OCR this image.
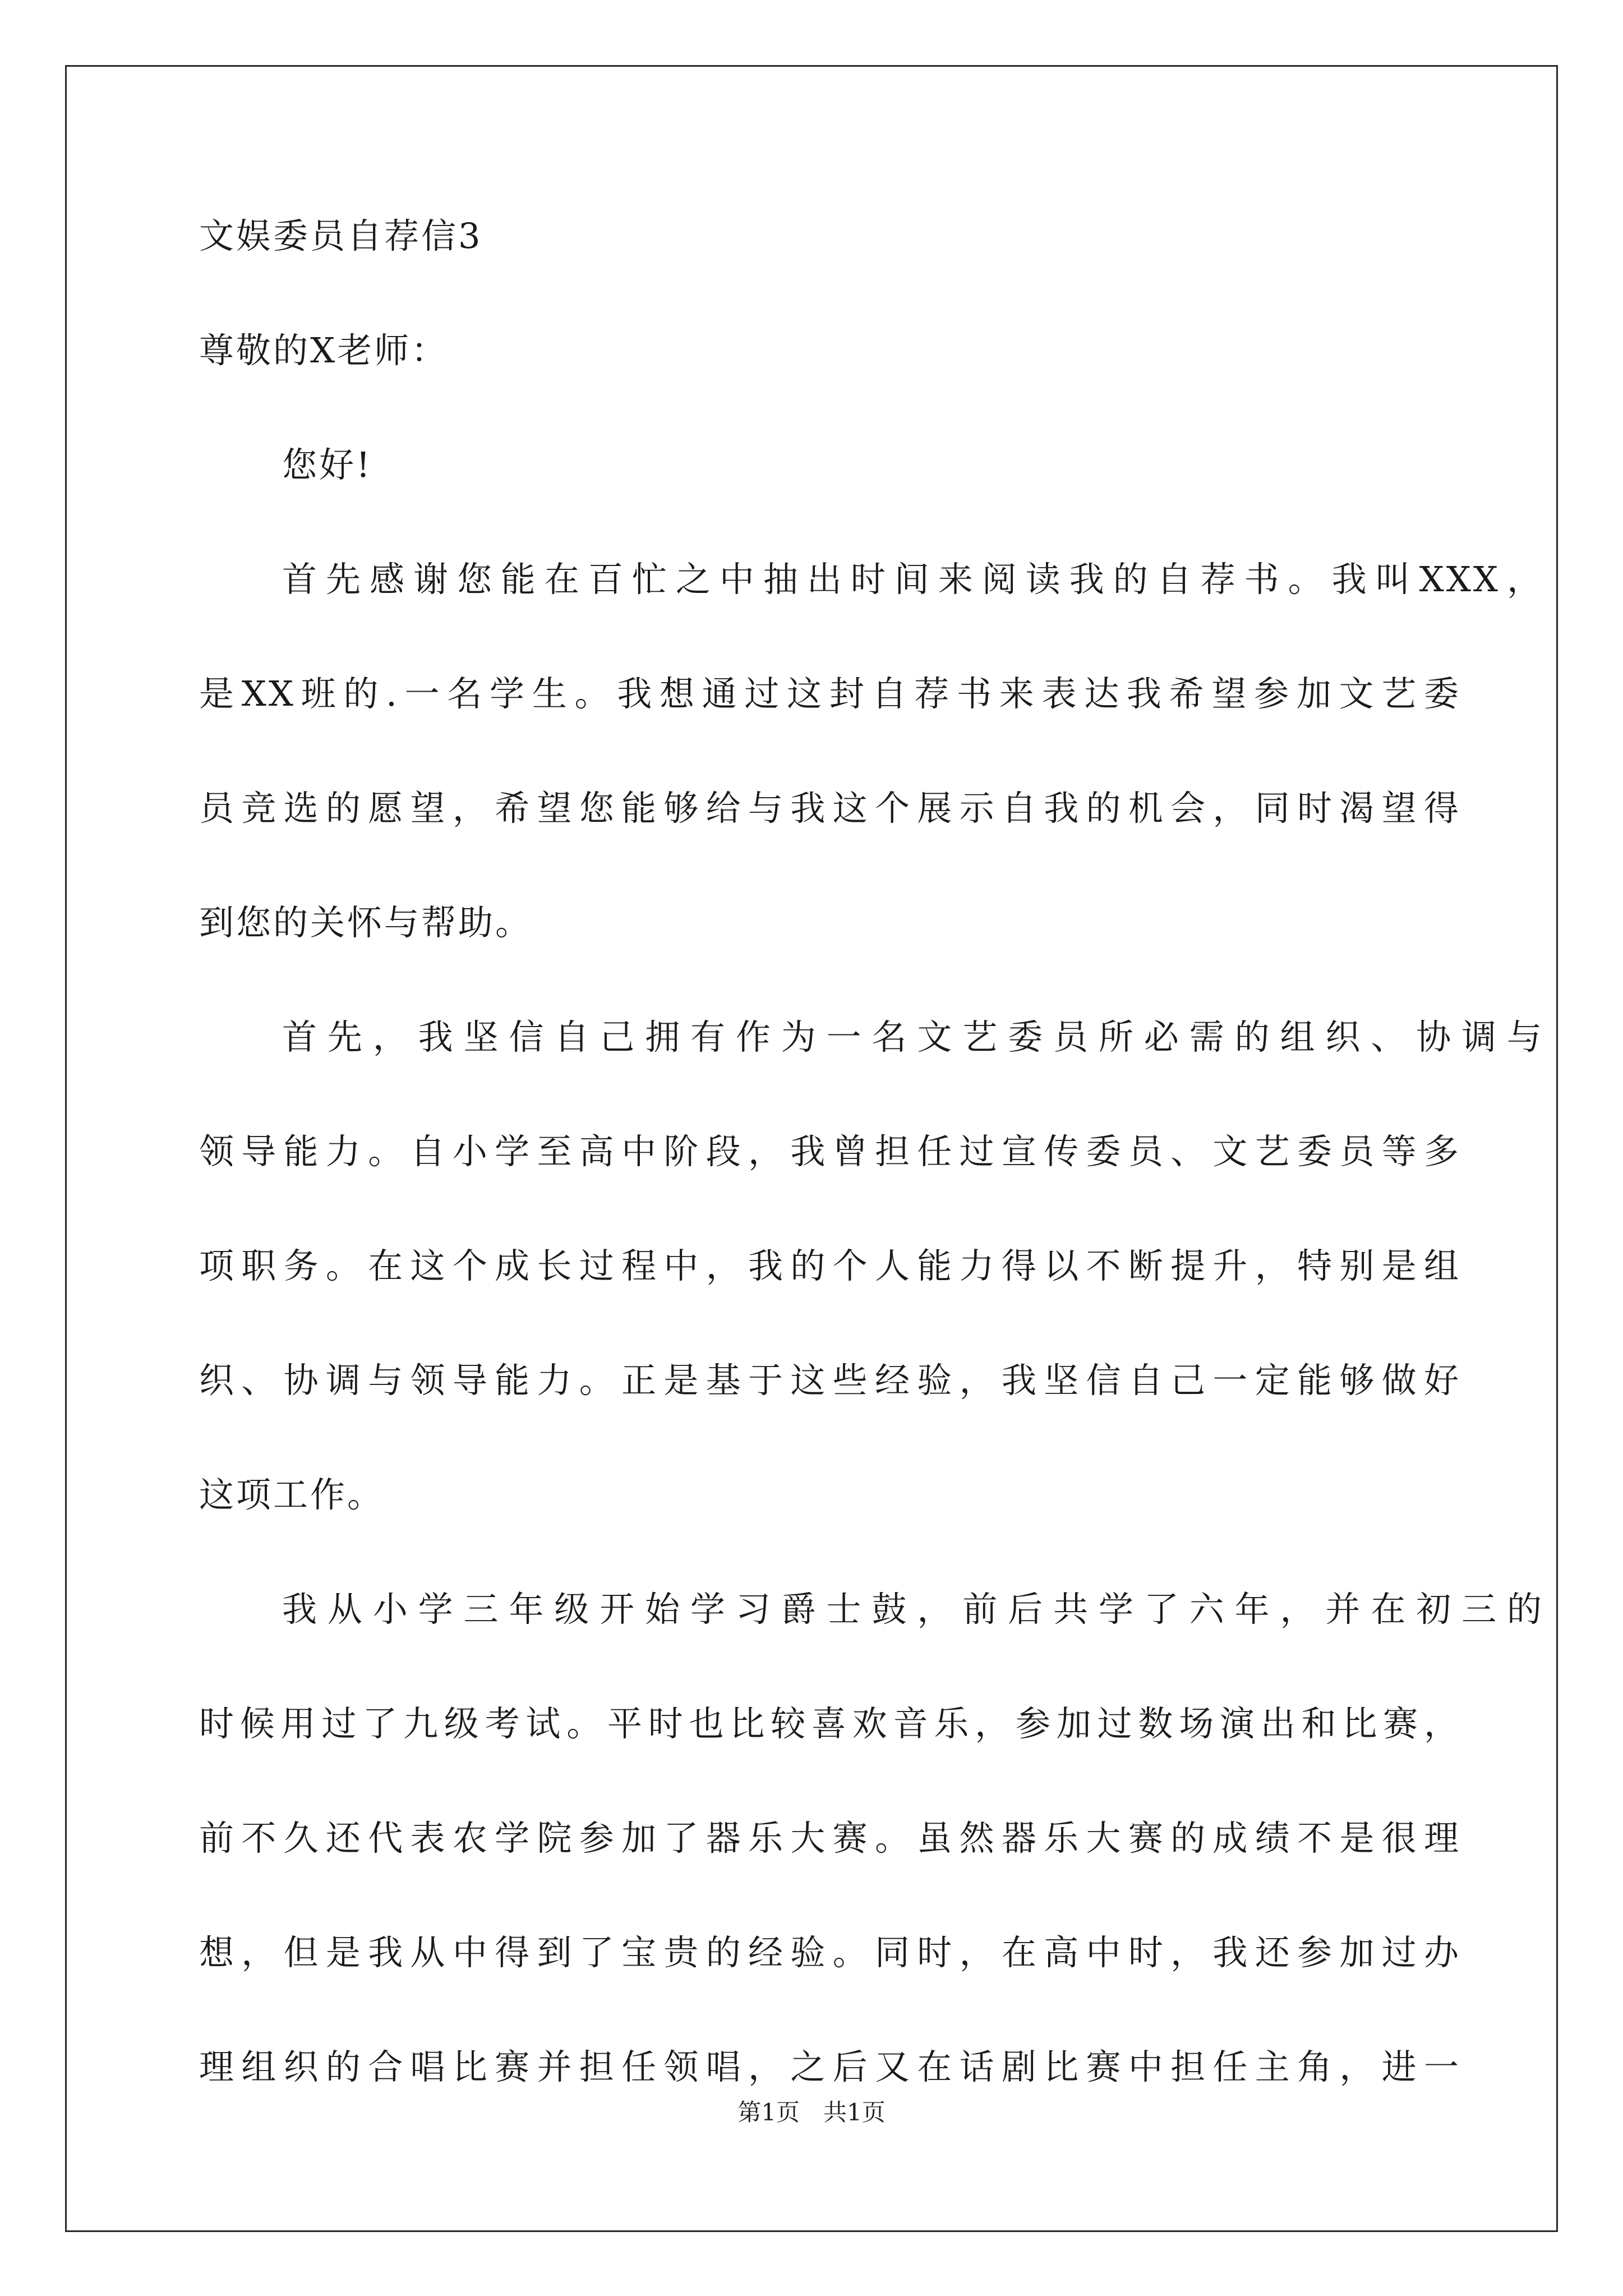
文娱委员自荐信3
尊敬的X老师：
您好!
首先感谢您能在百忙之中抽出时间来阅读我的自荐书。我叫XXX，
是XX班的.一名学生。我想通过这封自荐书来表达我希望参加文艺委
员竞选的愿望，希望您能够给与我这个展示自我的机会，同时渴望得
到您的关怀与帮助。
首先，我坚信自己拥有作为一名文艺委员所必需的组织、协调与
领导能力。自小学至高中阶段，我曾担任过宣传委员、文艺委员等多
项职务。在这个成长过程中，我的个人能力得以不断提升，特别是组
织、协调与领导能力。正是基于这些经验，我坚信自己一定能够做好
这项工作。
我从小学三年级开始学习爵士鼓，前后共学了六年，并在初三的
时候用过了九级考试。平时也比较喜欢音乐，参加过数场演出和比赛，
前不久还代表农学院参加了器乐大赛。虽然器乐大赛的成绩不是很理
想，但是我从中得到了宝贵的经验。同时，在高中时，我还参加过办
理组织的合唱比赛并担任领唱，之后又在话剧比赛中担任主角，进一
第1页　共1页
